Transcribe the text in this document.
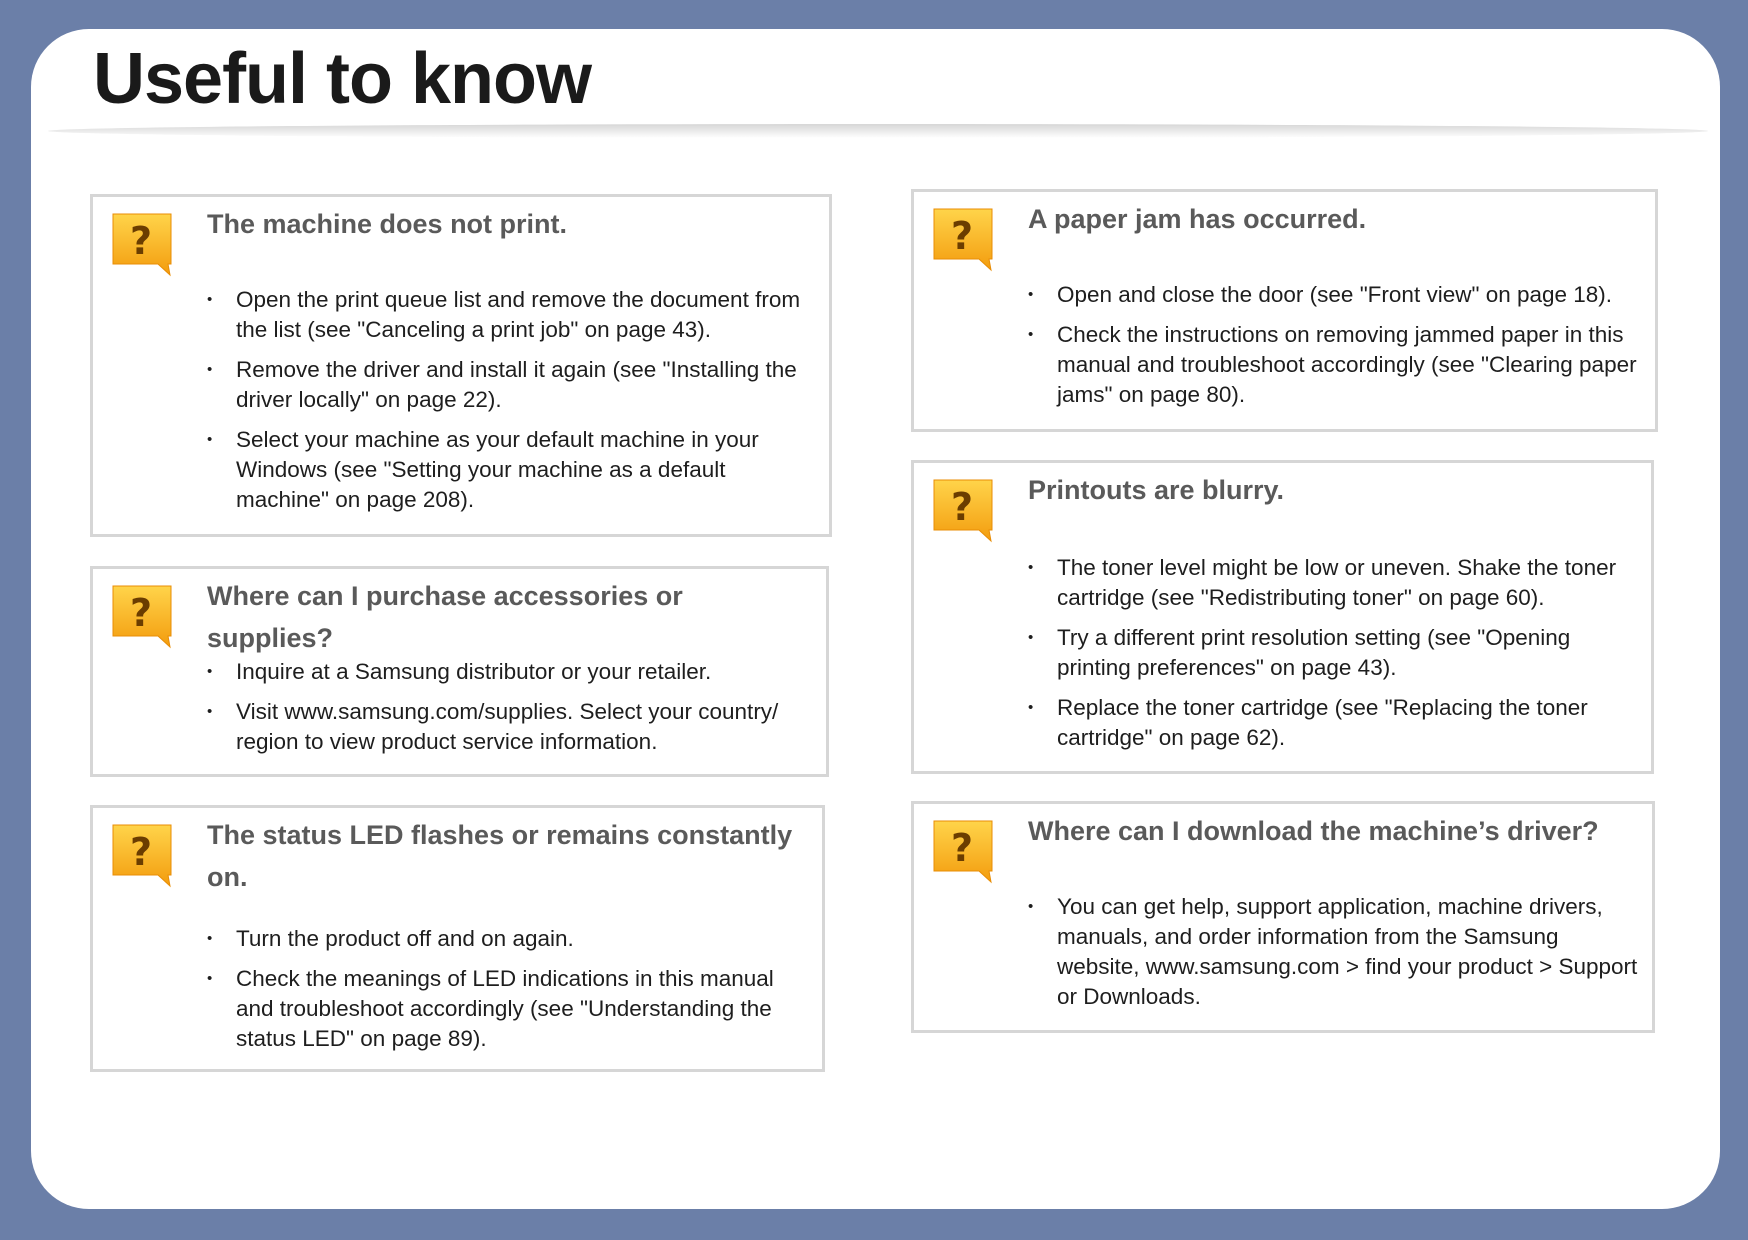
Useful to know
? The machine does not print.
• Open the print queue list and remove the document from the list (see "Canceling a print job" on page 43).
• Remove the driver and install it again (see "Installing the driver locally" on page 22).
• Select your machine as your default machine in your Windows (see "Setting your machine as a default machine" on page 208).
? Where can I purchase accessories or supplies?
• Inquire at a Samsung distributor or your retailer.
• Visit www.samsung.com/supplies. Select your country/ region to view product service information.
? The status LED flashes or remains constantly on.
• Turn the product off and on again.
• Check the meanings of LED indications in this manual and troubleshoot accordingly (see "Understanding the status LED" on page 89).
? A paper jam has occurred.
• Open and close the door (see "Front view" on page 18).
• Check the instructions on removing jammed paper in this manual and troubleshoot accordingly (see "Clearing paper jams" on page 80).
? Printouts are blurry.
• The toner level might be low or uneven. Shake the toner cartridge (see "Redistributing toner" on page 60).
• Try a different print resolution setting (see "Opening printing preferences" on page 43).
• Replace the toner cartridge (see "Replacing the toner cartridge" on page 62).
? Where can I download the machine’s driver?
• You can get help, support application, machine drivers, manuals, and order information from the Samsung website, www.samsung.com > find your product > Support or Downloads.
